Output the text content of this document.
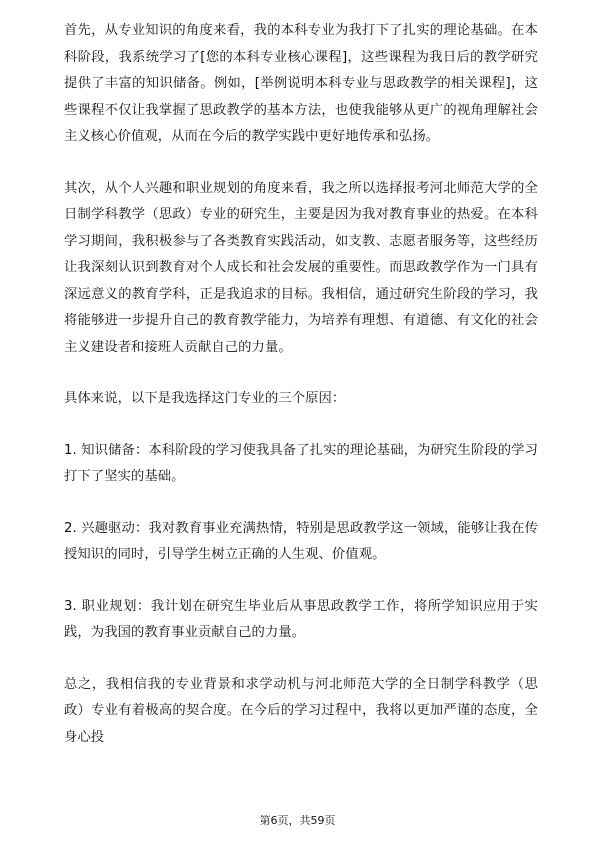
首先，从专业知识的角度来看，我的本科专业为我打下了扎实的理论基础。在本科阶段，我系统学习了[您的本科专业核心课程]，这些课程为我日后的教学研究提供了丰富的知识储备。例如，[举例说明本科专业与思政教学的相关课程]，这些课程不仅让我掌握了思政教学的基本方法，也使我能够从更广的视角理解社会主义核心价值观，从而在今后的教学实践中更好地传承和弘扬。

其次，从个人兴趣和职业规划的角度来看，我之所以选择报考河北师范大学的全日制学科教学（思政）专业的研究生，主要是因为我对教育事业的热爱。在本科学习期间，我积极参与了各类教育实践活动，如支教、志愿者服务等，这些经历让我深刻认识到教育对个人成长和社会发展的重要性。而思政教学作为一门具有深远意义的教育学科，正是我追求的目标。我相信，通过研究生阶段的学习，我将能够进一步提升自己的教育教学能力，为培养有理想、有道德、有文化的社会主义建设者和接班人贡献自己的力量。

具体来说，以下是我选择这门专业的三个原因：

1. 知识储备：本科阶段的学习使我具备了扎实的理论基础，为研究生阶段的学习打下了坚实的基础。

2. 兴趣驱动：我对教育事业充满热情，特别是思政教学这一领域，能够让我在传授知识的同时，引导学生树立正确的人生观、价值观。

3. 职业规划：我计划在研究生毕业后从事思政教学工作，将所学知识应用于实践，为我国的教育事业贡献自己的力量。

总之，我相信我的专业背景和求学动机与河北师范大学的全日制学科教学（思政）专业有着极高的契合度。在今后的学习过程中，我将以更加严谨的态度，全身心投

第6页，共59页
